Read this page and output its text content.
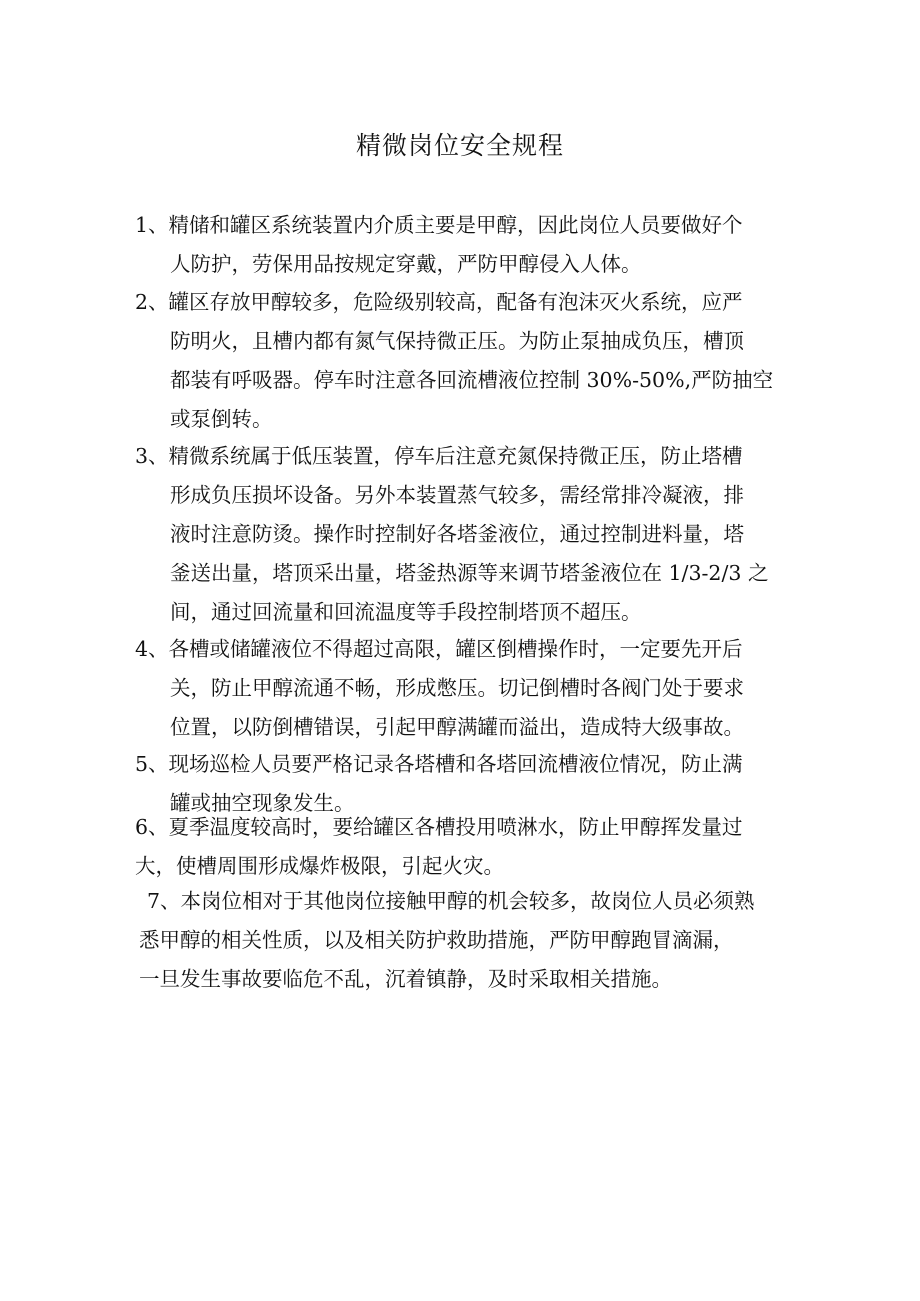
精微岗位安全规程
1、精储和罐区系统装置内介质主要是甲醇，因此岗位人员要做好个
人防护，劳保用品按规定穿戴，严防甲醇侵入人体。
2、罐区存放甲醇较多，危险级别较高，配备有泡沫灭火系统，应严
防明火，且槽内都有氮气保持微正压。为防止泵抽成负压，槽顶
都装有呼吸器。停车时注意各回流槽液位控制 30%-50%,严防抽空
或泵倒转。
3、精微系统属于低压装置，停车后注意充氮保持微正压，防止塔槽
形成负压损坏设备。另外本装置蒸气较多，需经常排冷凝液，排
液时注意防烫。操作时控制好各塔釜液位，通过控制进料量，塔
釜送出量，塔顶采出量，塔釜热源等来调节塔釜液位在 1/3-2/3 之
间，通过回流量和回流温度等手段控制塔顶不超压。
4、各槽或储罐液位不得超过高限，罐区倒槽操作时，一定要先开后
关，防止甲醇流通不畅，形成憋压。切记倒槽时各阀门处于要求
位置，以防倒槽错误，引起甲醇满罐而溢出，造成特大级事故。
5、现场巡检人员要严格记录各塔槽和各塔回流槽液位情况，防止满
罐或抽空现象发生。
6、夏季温度较高时，要给罐区各槽投用喷淋水，防止甲醇挥发量过
大，使槽周围形成爆炸极限，引起火灾。
7、本岗位相对于其他岗位接触甲醇的机会较多，故岗位人员必须熟
悉甲醇的相关性质，以及相关防护救助措施，严防甲醇跑冒滴漏，
一旦发生事故要临危不乱，沉着镇静，及时采取相关措施。
